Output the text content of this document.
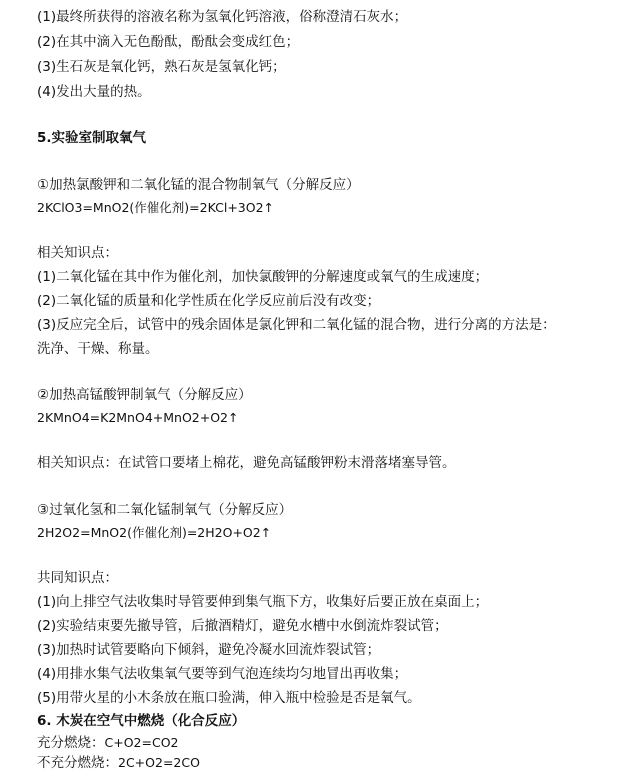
(1)最终所获得的溶液名称为氢氧化钙溶液，俗称澄清石灰水；

(2)在其中滴入无色酚酞，酚酞会变成红色；

(3)生石灰是氧化钙，熟石灰是氢氧化钙；

(4)发出大量的热。

5.实验室制取氧气

①加热氯酸钾和二氧化锰的混合物制氧气（分解反应）

2KClO3=MnO2(作催化剂)=2KCl+3O2↑

相关知识点：

(1)二氧化锰在其中作为催化剂，加快氯酸钾的分解速度或氧气的生成速度；

(2)二氧化锰的质量和化学性质在化学反应前后没有改变；

(3)反应完全后，试管中的残余固体是氯化钾和二氧化锰的混合物，进行分离的方法是：

洗净、干燥、称量。

②加热高锰酸钾制氧气（分解反应）

2KMnO4=K2MnO4+MnO2+O2↑

相关知识点：在试管口要堵上棉花，避免高锰酸钾粉末滑落堵塞导管。

③过氧化氢和二氧化锰制氧气（分解反应）

2H2O2=MnO2(作催化剂)=2H2O+O2↑

共同知识点：

(1)向上排空气法收集时导管要伸到集气瓶下方，收集好后要正放在桌面上；

(2)实验结束要先撤导管，后撤酒精灯，避免水槽中水倒流炸裂试管；

(3)加热时试管要略向下倾斜，避免冷凝水回流炸裂试管；

(4)用排水集气法收集氧气要等到气泡连续均匀地冒出再收集；

(5)用带火星的小木条放在瓶口验满，伸入瓶中检验是否是氧气。

6. 木炭在空气中燃烧（化合反应）

充分燃烧：C+O2=CO2

不充分燃烧：2C+O2=2CO
